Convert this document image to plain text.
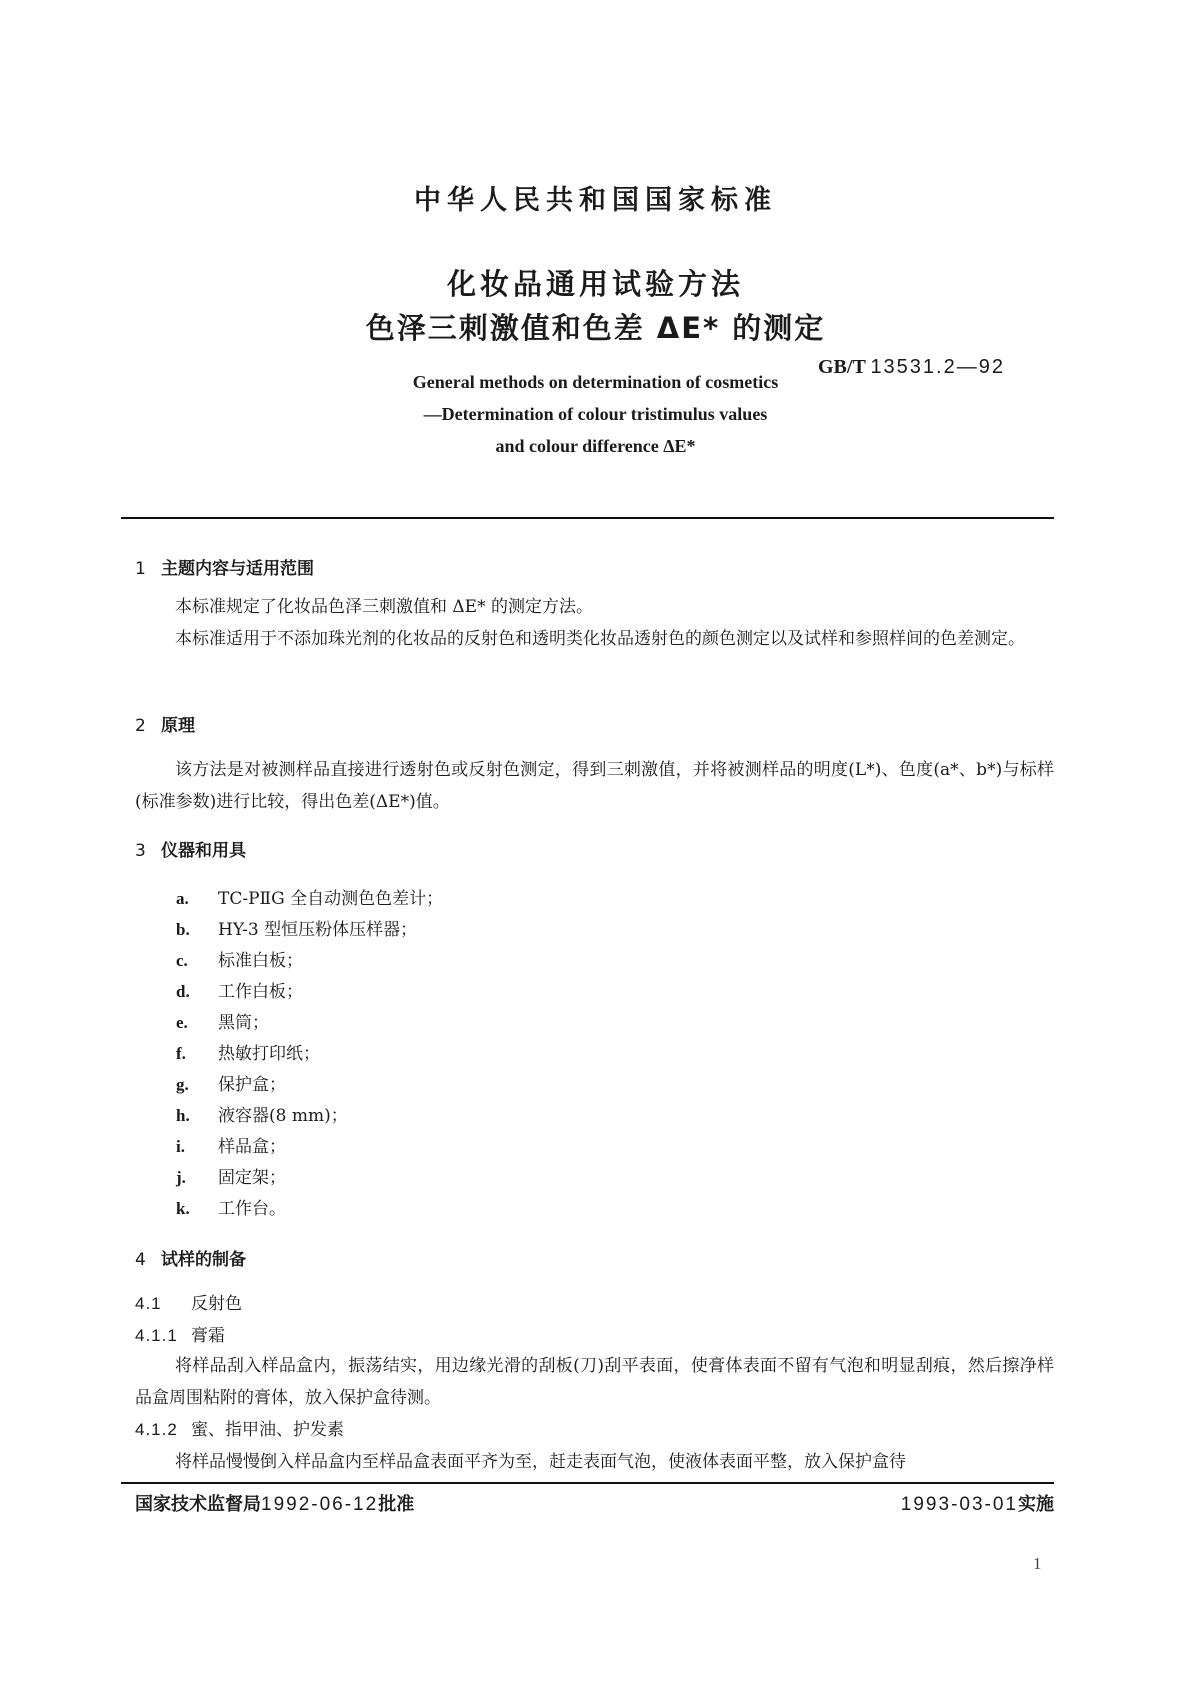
中华人民共和国国家标准
化妆品通用试验方法
色泽三刺激值和色差 ΔE* 的测定
GB/T 13531.2—92
General methods on determination of cosmetics
—Determination of colour tristimulus values
and colour difference ΔE*
1 主题内容与适用范围
本标准规定了化妆品色泽三刺激值和 ΔE* 的测定方法。
本标准适用于不添加珠光剂的化妆品的反射色和透明类化妆品透射色的颜色测定以及试样和参照样间的色差测定。
2 原理
该方法是对被测样品直接进行透射色或反射色测定，得到三刺激值，并将被测样品的明度(L*)、色度(a*、b*)与标样(标准参数)进行比较，得出色差(ΔE*)值。
3 仪器和用具
a. TC-PⅡG 全自动测色色差计；
b. HY-3 型恒压粉体压样器；
c. 标准白板；
d. 工作白板；
e. 黑筒；
f. 热敏打印纸；
g. 保护盒；
h. 液容器(8 mm)；
i. 样品盒；
j. 固定架；
k. 工作台。
4 试样的制备
4.1 反射色
4.1.1 膏霜
将样品刮入样品盒内，振荡结实，用边缘光滑的刮板(刀)刮平表面，使膏体表面不留有气泡和明显刮痕，然后擦净样品盒周围粘附的膏体，放入保护盒待测。
4.1.2 蜜、指甲油、护发素
将样品慢慢倒入样品盒内至样品盒表面平齐为至，赶走表面气泡，使液体表面平整，放入保护盒待
国家技术监督局1992-06-12批准	1993-03-01实施
1
